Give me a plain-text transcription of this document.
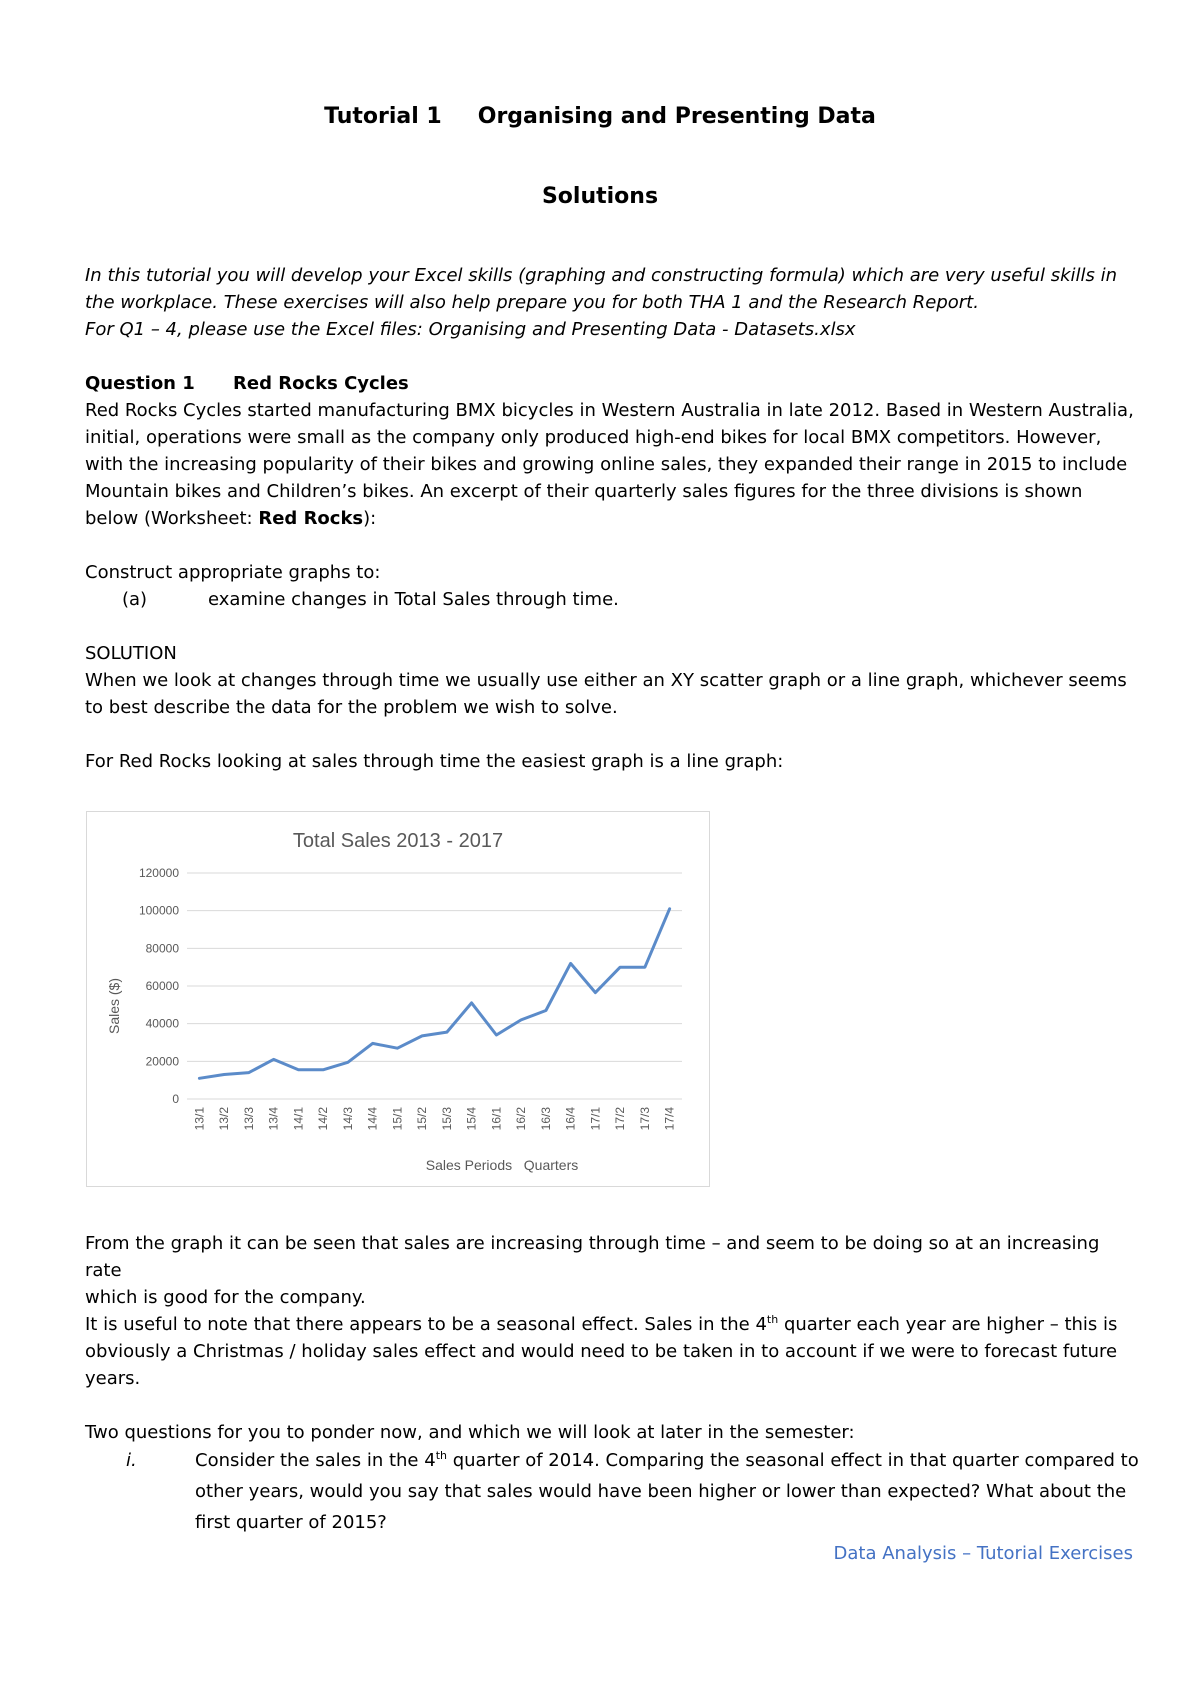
Tutorial 1 Organising and Presenting Data
Solutions
In this tutorial you will develop your Excel skills (graphing and constructing formula) which are very useful skills in
the workplace. These exercises will also help prepare you for both THA 1 and the Research Report.
For Q1 – 4, please use the Excel files: Organising and Presenting Data - Datasets.xlsx
Question 1 Red Rocks Cycles
Red Rocks Cycles started manufacturing BMX bicycles in Western Australia in late 2012. Based in Western Australia,
initial, operations were small as the company only produced high-end bikes for local BMX competitors. However,
with the increasing popularity of their bikes and growing online sales, they expanded their range in 2015 to include
Mountain bikes and Children’s bikes. An excerpt of their quarterly sales figures for the three divisions is shown
below (Worksheet: Red Rocks):
Construct appropriate graphs to:
(a)	examine changes in Total Sales through time.
SOLUTION
When we look at changes through time we usually use either an XY scatter graph or a line graph, whichever seems
to best describe the data for the problem we wish to solve.
For Red Rocks looking at sales through time the easiest graph is a line graph:
Total Sales 2013 - 2017
0
20000
40000
60000
80000
100000
120000
13/1 13/2 13/3 13/4 14/1 14/2 14/3 14/4 15/1 15/2 15/3 15/4 16/1 16/2 16/3 16/4 17/1 17/2 17/3 17/4
Sales ($)
Sales Periods   Quarters
From the graph it can be seen that sales are increasing through time – and seem to be doing so at an increasing rate
which is good for the company.
It is useful to note that there appears to be a seasonal effect. Sales in the 4th quarter each year are higher – this is
obviously a Christmas / holiday sales effect and would need to be taken in to account if we were to forecast future
years.
Two questions for you to ponder now, and which we will look at later in the semester:
i.	Consider the sales in the 4th quarter of 2014. Comparing the seasonal effect in that quarter compared to
other years, would you say that sales would have been higher or lower than expected? What about the
first quarter of 2015?
Data Analysis – Tutorial Exercises
